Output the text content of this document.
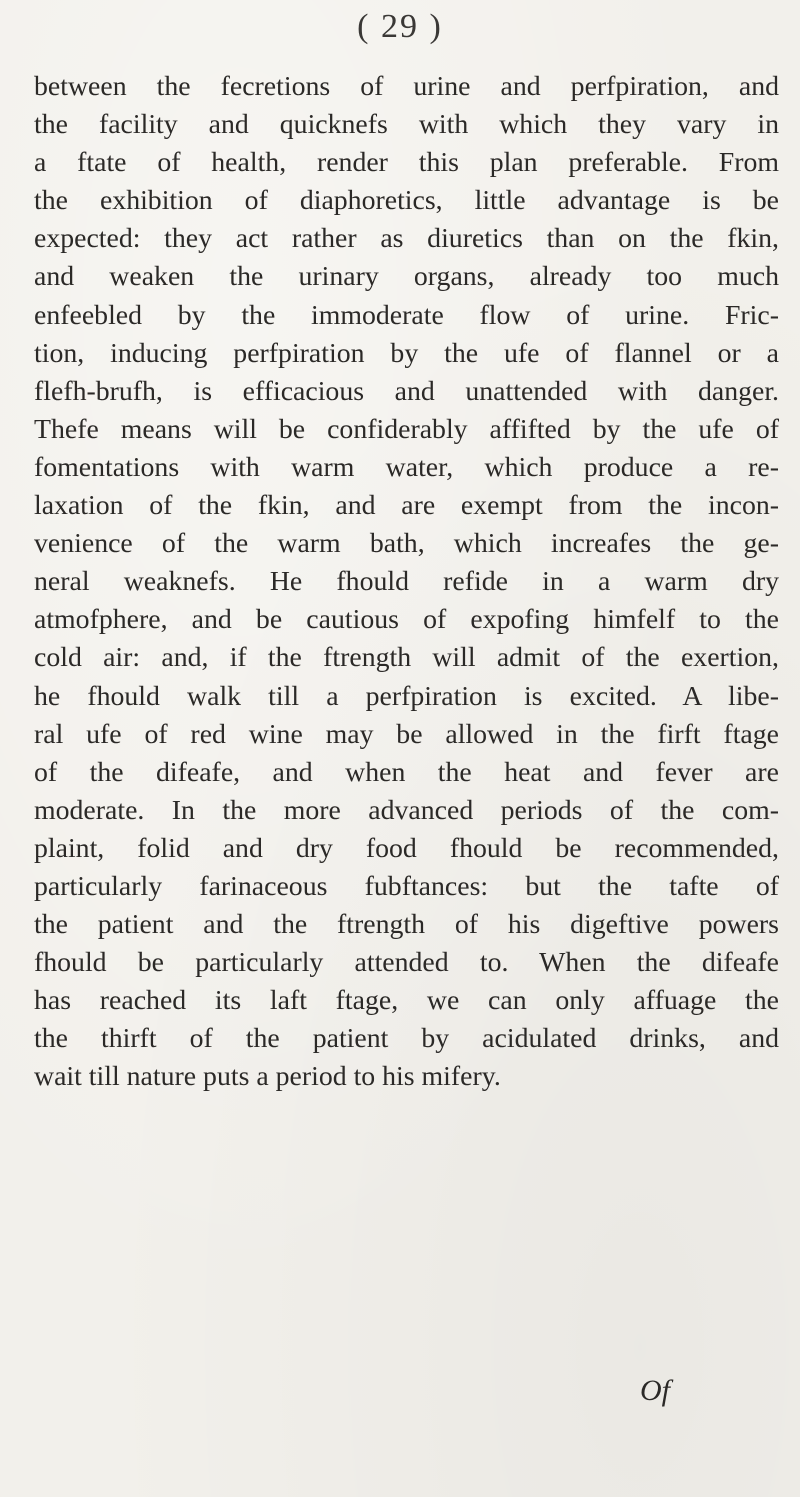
( 29 )
between the fecretions of urine and perfpiration, and
the facility and quicknefs with which they vary in
a ftate of health, render this plan preferable. From
the exhibition of diaphoretics, little advantage is be
expected: they act rather as diuretics than on the fkin,
and weaken the urinary organs, already too much
enfeebled by the immoderate flow of urine. Fric-
tion, inducing perfpiration by the ufe of flannel or a
flefh-brufh, is efficacious and unattended with danger.
Thefe means will be confiderably affifted by the ufe of
fomentations with warm water, which produce a re-
laxation of the fkin, and are exempt from the incon-
venience of the warm bath, which increafes the ge-
neral weaknefs. He fhould refide in a warm dry
atmofphere, and be cautious of expofing himfelf to the
cold air: and, if the ftrength will admit of the exertion,
he fhould walk till a perfpiration is excited. A libe-
ral ufe of red wine may be allowed in the firft ftage
of the difeafe, and when the heat and fever are
moderate. In the more advanced periods of the com-
plaint, folid and dry food fhould be recommended,
particularly farinaceous fubftances: but the tafte of
the patient and the ftrength of his digeftive powers
fhould be particularly attended to. When the difeafe
has reached its laft ftage, we can only affuage the
the thirft of the patient by acidulated drinks, and
wait till nature puts a period to his mifery.
Of
